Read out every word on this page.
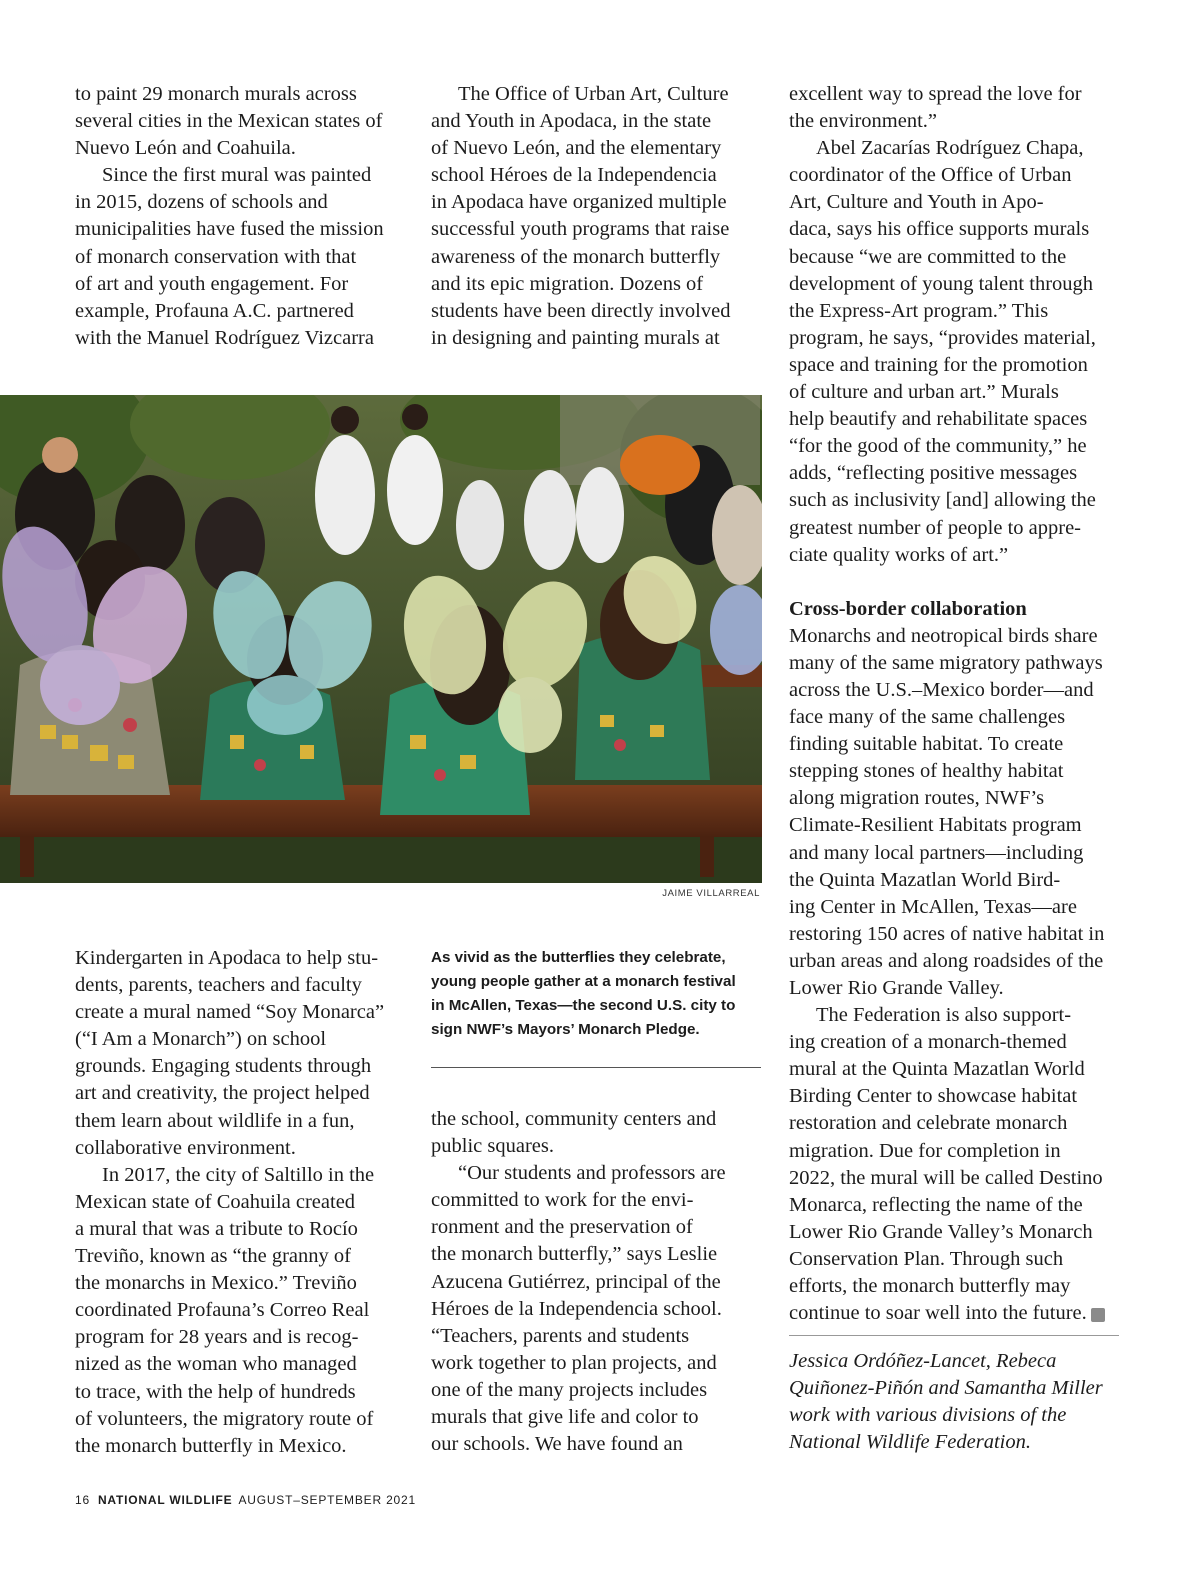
to paint 29 monarch murals across
several cities in the Mexican states of
Nuevo León and Coahuila.

Since the first mural was painted
in 2015, dozens of schools and
municipalities have fused the mission
of monarch conservation with that
of art and youth engagement. For
example, Profauna A.C. partnered
with the Manuel Rodríguez Vizcarra

The Office of Urban Art, Culture
and Youth in Apodaca, in the state
of Nuevo León, and the elementary
school Héroes de la Independencia
in Apodaca have organized multiple
successful youth programs that raise
awareness of the monarch butterfly
and its epic migration. Dozens of
students have been directly involved
in designing and painting murals at

JAIME VILLARREAL

Kindergarten in Apodaca to help stu-
dents, parents, teachers and faculty
create a mural named “Soy Monarca”
(“I Am a Monarch”) on school
grounds. Engaging students through
art and creativity, the project helped
them learn about wildlife in a fun,
collaborative environment.

In 2017, the city of Saltillo in the
Mexican state of Coahuila created
a mural that was a tribute to Rocío
Treviño, known as “the granny of
the monarchs in Mexico.” Treviño
coordinated Profauna’s Correo Real
program for 28 years and is recog-
nized as the woman who managed
to trace, with the help of hundreds
of volunteers, the migratory route of
the monarch butterfly in Mexico.

As vivid as the butterflies they celebrate,
young people gather at a monarch festival
in McAllen, Texas—the second U.S. city to
sign NWF’s Mayors’ Monarch Pledge.

the school, community centers and
public squares.

“Our students and professors are
committed to work for the envi-
ronment and the preservation of
the monarch butterfly,” says Leslie
Azucena Gutiérrez, principal of the
Héroes de la Independencia school.
“Teachers, parents and students
work together to plan projects, and
one of the many projects includes
murals that give life and color to
our schools. We have found an

excellent way to spread the love for
the environment.”

Abel Zacarías Rodríguez Chapa,
coordinator of the Office of Urban
Art, Culture and Youth in Apo-
daca, says his office supports murals
because “we are committed to the
development of young talent through
the Express-Art program.” This
program, he says, “provides material,
space and training for the promotion
of culture and urban art.” Murals
help beautify and rehabilitate spaces
“for the good of the community,” he
adds, “reflecting positive messages
such as inclusivity [and] allowing the
greatest number of people to appre-
ciate quality works of art.”

Cross-border collaboration

Monarchs and neotropical birds share
many of the same migratory pathways
across the U.S.–Mexico border—and
face many of the same challenges
finding suitable habitat. To create
stepping stones of healthy habitat
along migration routes, NWF’s
Climate-Resilient Habitats program
and many local partners—including
the Quinta Mazatlan World Bird-
ing Center in McAllen, Texas—are
restoring 150 acres of native habitat in
urban areas and along roadsides of the
Lower Rio Grande Valley.

The Federation is also support-
ing creation of a monarch-themed
mural at the Quinta Mazatlan World
Birding Center to showcase habitat
restoration and celebrate monarch
migration. Due for completion in
2022, the mural will be called Destino
Monarca, reflecting the name of the
Lower Rio Grande Valley’s Monarch
Conservation Plan. Through such
efforts, the monarch butterfly may
continue to soar well into the future.	W

Jessica Ordóñez-Lancet, Rebeca
Quiñonez-Piñón and Samantha Miller
work with various divisions of the
National Wildlife Federation.
16 NATIONAL WILDLIFE AUGUST–SEPTEMBER 2021
